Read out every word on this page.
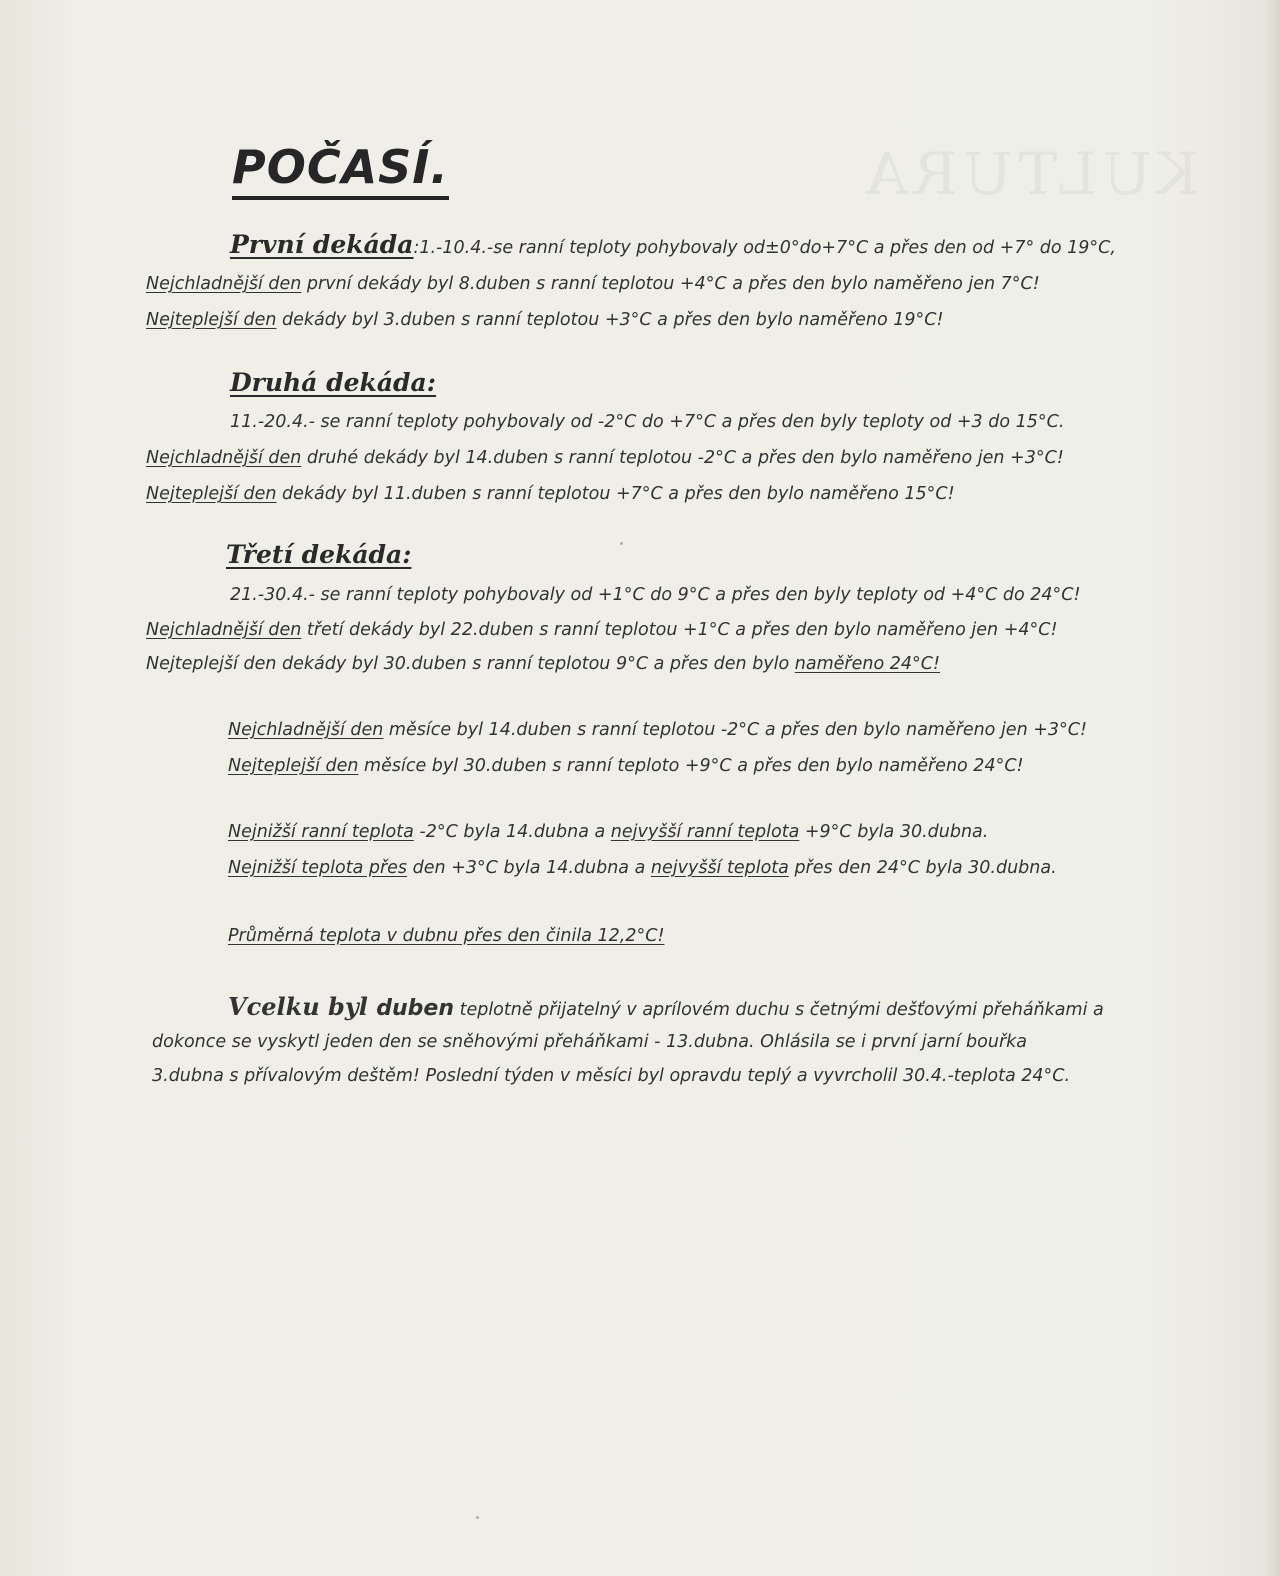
KULTURA
POČASÍ.
První dekáda:1.-10.4.-se ranní teploty pohybovaly od±0°do+7°C a přes den od +7° do 19°C,
Nejchladnější den první dekády byl 8.duben s ranní teplotou +4°C a přes den bylo naměřeno jen 7°C!
Nejteplejší den dekády byl 3.duben s ranní teplotou +3°C a přes den bylo naměřeno 19°C!
Druhá dekáda:
11.-20.4.- se ranní teploty pohybovaly od -2°C do +7°C a přes den byly teploty od +3 do 15°C.
Nejchladnější den druhé dekády byl 14.duben s ranní teplotou -2°C a přes den bylo naměřeno jen +3°C!
Nejteplejší den dekády byl 11.duben s ranní teplotou +7°C a přes den bylo naměřeno 15°C!
Třetí dekáda:
21.-30.4.- se ranní teploty pohybovaly od +1°C do 9°C a přes den byly teploty od +4°C do 24°C!
Nejchladnější den třetí dekády byl 22.duben s ranní teplotou +1°C a přes den bylo naměřeno jen +4°C!
Nejteplejší den dekády byl 30.duben s ranní teplotou 9°C a přes den bylo naměřeno 24°C!
Nejchladnější den měsíce byl 14.duben s ranní teplotou -2°C a přes den bylo naměřeno jen +3°C!
Nejteplejší den měsíce byl 30.duben s ranní teploto +9°C a přes den bylo naměřeno 24°C!
Nejnižší ranní teplota -2°C byla 14.dubna a nejvyšší ranní teplota +9°C byla 30.dubna.
Nejnižší teplota přes den +3°C byla 14.dubna a nejvyšší teplota přes den 24°C byla 30.dubna.
Průměrná teplota v dubnu přes den činila 12,2°C!
Vcelku byl duben teplotně přijatelný v aprílovém duchu s četnými dešťovými přeháňkami a
dokonce se vyskytl jeden den se sněhovými přeháňkami - 13.dubna. Ohlásila se i první jarní bouřka
3.dubna s přívalovým deštěm! Poslední týden v měsíci byl opravdu teplý a vyvrcholil 30.4.-teplota 24°C.
